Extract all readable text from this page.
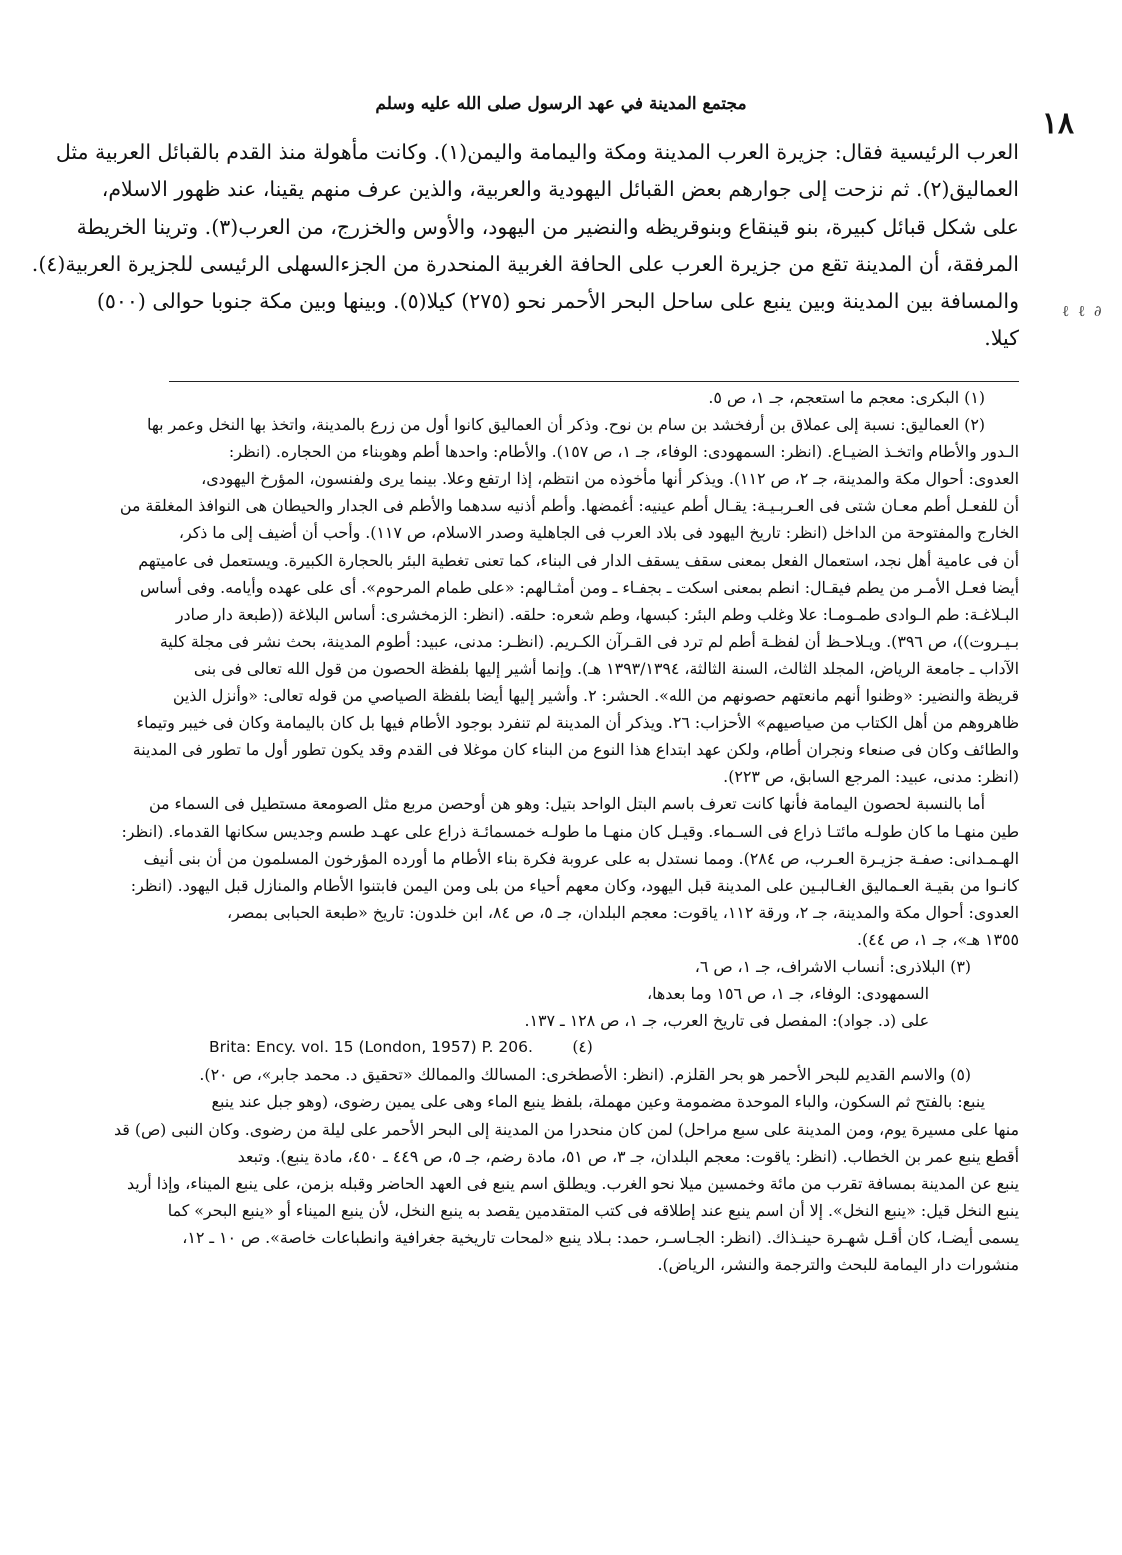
١٨
مجتمع المدينة في عهد الرسول صلى الله عليه وسلم
ℓ ℓ ∂
العرب الرئيسية فقال: جزيرة العرب المدينة ومكة واليمامة واليمن(١). وكانت مأهولة منذ القدم بالقبائل العربية مثل
العماليق(٢). ثم نزحت إلى جوارهم بعض القبائل اليهودية والعربية، والذين عرف منهم يقينا، عند ظهور الاسلام،
على شكل قبائل كبيرة، بنو قينقاع وبنوقريظه والنضير من اليهود، والأوس والخزرج، من العرب(٣). وترينا الخريطة
المرفقة، أن المدينة تقع من جزيرة العرب على الحافة الغربية المنحدرة من الجزءالسهلى الرئيسى للجزيرة العربية(٤).
والمسافة بين المدينة وبين ينبع على ساحل البحر الأحمر نحو (٢٧٥) كيلا(٥). وبينها وبين مكة جنوبا حوالى (٥٠٠)
كيلا.
(١) البكرى: معجم ما استعجم، جـ ١، ص ٥.
(٢) العماليق: نسبة إلى عملاق بن أرفخشد بن سام بن نوح. وذكر أن العماليق كانوا أول من زرع بالمدينة، واتخذ بها النخل وعمر بها
الـدور والأطام واتخـذ الضيـاع. (انظر: السمهودى: الوفاء، جـ ١، ص ١٥٧). والأطام: واحدها أطم وهوبناء من الحجاره. (انظر:
العدوى: أحوال مكة والمدينة، جـ ٢، ص ١١٢). ويذكر أنها مأخوذه من انتظم، إذا ارتفع وعلا. بينما يرى ولفنسون، المؤرخ اليهودى،
أن للفعـل أطم معـان شتى فى العـربـيـة: يقـال أطم عينيه: أغمضها. وأطم أذنيه سدهما والأطم فى الجدار والحيطان هى النوافذ المغلقة من
الخارج والمفتوحة من الداخل (انظر: تاريخ اليهود فى بلاد العرب فى الجاهلية وصدر الاسلام، ص ١١٧). وأحب أن أضيف إلى ما ذكر،
أن فى عامية أهل نجد، استعمال الفعل بمعنى سقف يسقف الدار فى البناء، كما تعنى تغطية البئر بالحجارة الكبيرة. ويستعمل فى عاميتهم
أيضا فعـل الأمـر من يطم فيقـال: انطم بمعنى اسكت ـ بجفـاء ـ ومن أمثـالهم: «على طمام المرحوم». أى على عهده وأيامه. وفى أساس
البـلاغـة: طم الـوادى طمـومـا: علا وغلب وطم البئر: كبسها، وطم شعره: حلقه. (انظر: الزمخشرى: أساس البلاغة ((طبعة دار صادر
بـيـروت))، ص ٣٩٦). ويـلاحـظ أن لفظـة أطم لم ترد فى القـرآن الكـريم. (انظـر: مدنى، عبيد: أطوم المدينة، بحث نشر فى مجلة كلية
الآداب ـ جامعة الرياض، المجلد الثالث، السنة الثالثة، ١٣٩٣/١٣٩٤ هـ). وإنما أشير إليها بلفظة الحصون من قول الله تعالى فى بنى
قريظة والنضير: «وظنوا أنهم مانعتهم حصونهم من الله». الحشر: ٢. وأشير إليها أيضا بلفظة الصياصي من قوله تعالى: «وأنزل الذين
ظاهروهم من أهل الكتاب من صياصيهم» الأحزاب: ٢٦. ويذكر أن المدينة لم تنفرد بوجود الأطام فيها بل كان باليمامة وكان فى خيبر وتيماء
والطائف وكان فى صنعاء ونجران أطام، ولكن عهد ابتداع هذا النوع من البناء كان موغلا فى القدم وقد يكون تطور أول ما تطور فى المدينة
(انظر: مدنى، عبيد: المرجع السابق، ص ٢٢٣).
أما بالنسبة لحصون اليمامة فأنها كانت تعرف باسم البتل الواحد بتيل: وهو هن أوحصن مربع مثل الصومعة مستطيل فى السماء من
طين منهـا ما كان طولـه مائتـا ذراع فى السـماء. وقيـل كان منهـا ما طولـه خمسمائـة ذراع على عهـد طسم وجديس سكانها القدماء. (انظر:
الهـمـدانى: صفـة جزيـرة العـرب، ص ٢٨٤). ومما نستدل به على عروبة فكرة بناء الأطام ما أورده المؤرخون المسلمون من أن بنى أنيف
كانـوا من بقيـة العـماليق الغـالبـين على المدينة قبل اليهود، وكان معهم أحياء من بلى ومن اليمن فابتنوا الأطام والمنازل قبل اليهود. (انظر:
العدوى: أحوال مكة والمدينة، جـ ٢، ورقة ١١٢، ياقوت: معجم البلدان، جـ ٥، ص ٨٤، ابن خلدون: تاريخ «طبعة الحبابى بمصر،
١٣٥٥ هـ»، جـ ١، ص ٤٤).
(٣) البلاذرى: أنساب الاشراف، جـ ١، ص ٦،
السمهودى: الوفاء، جـ ١، ص ١٥٦ وما بعدها،
على (د. جواد): المفصل فى تاريخ العرب، جـ ١، ص ١٢٨ ـ ١٣٧.
Brita: Ency. vol. 15 (London, 1957) P. 206.	(٤)
(٥) والاسم القديم للبحر الأحمر هو بحر القلزم. (انظر: الأصطخرى: المسالك والممالك «تحقيق د. محمد جابر»، ص ٢٠).
ينبع: بالفتح ثم السكون، والباء الموحدة مضمومة وعين مهملة، بلفظ ينبع الماء وهى على يمين رضوى، (وهو جبل عند ينبع
منها على مسيرة يوم، ومن المدينة على سبع مراحل) لمن كان منحدرا من المدينة إلى البحر الأحمر على ليلة من رضوى. وكان النبى (ص) قد
أقطع ينبع عمر بن الخطاب. (انظر: ياقوت: معجم البلدان، جـ ٣، ص ٥١، مادة رضم، جـ ٥، ص ٤٤٩ ـ ٤٥٠، مادة ينبع). وتبعد
ينبع عن المدينة بمسافة تقرب من مائة وخمسين ميلا نحو الغرب. ويطلق اسم ينبع فى العهد الحاضر وقبله بزمن، على ينبع الميناء، وإذا أريد
ينبع النخل قيل: «ينبع النخل». إلا أن اسم ينبع عند إطلاقه فى كتب المتقدمين يقصد به ينبع النخل، لأن ينبع الميناء أو «ينبع البحر» كما
يسمى أيضـا، كان أقـل شهـرة حينـذاك. (انظر: الجـاسـر، حمد: بـلاد ينبع «لمحات تاريخية جغرافية وانطباعات خاصة». ص ١٠ ـ ١٢،
منشورات دار اليمامة للبحث والترجمة والنشر، الرياض).
